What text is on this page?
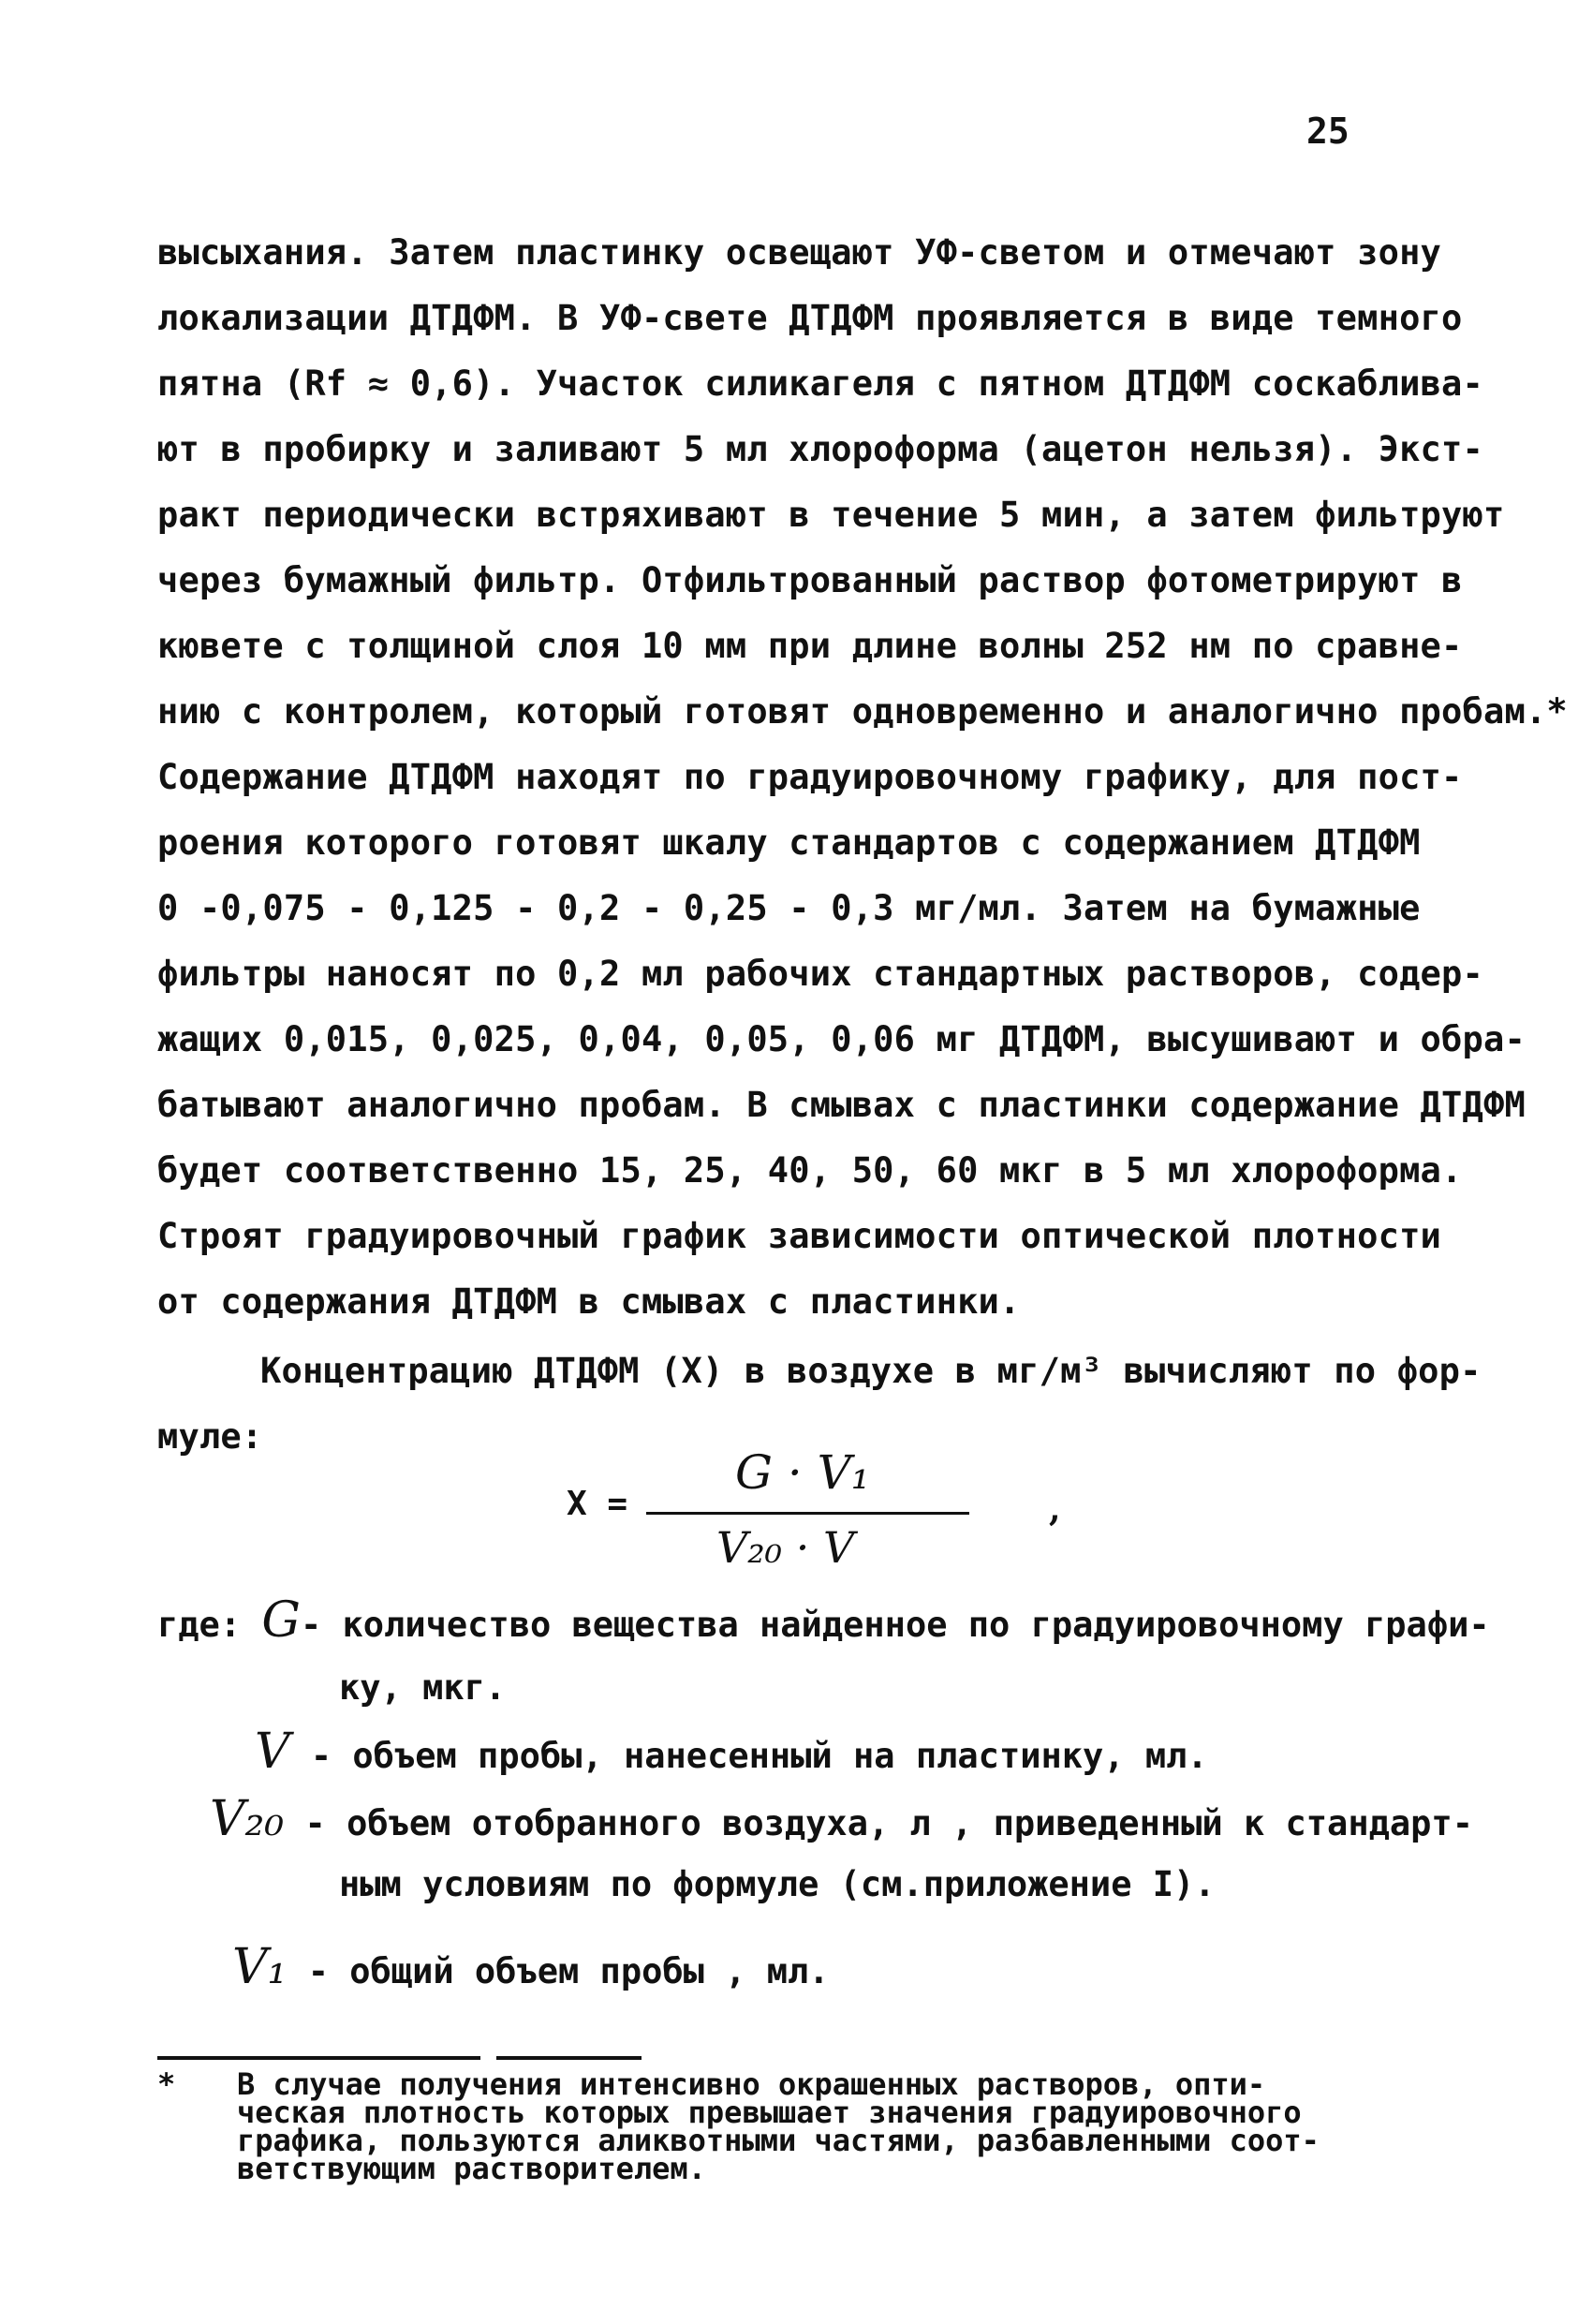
25
высыхания. Затем пластинку освещают УФ-светом и отмечают зону
локализации ДТДФМ. В УФ-свете ДТДФМ проявляется в виде темного
пятна (Rf ≈ 0,6). Участок силикагеля с пятном ДТДФМ соскабливa-
ют в пробирку и заливают 5 мл хлороформа (ацетон нельзя). Экст-
ракт периодически встряхивают в течение 5 мин, а затем фильтруют
через бумажный фильтр. Отфильтрованный раствор фотометрируют в
кювете с толщиной слоя 10 мм при длине волны 252 нм по сравне-
нию с контролем, который готовят одновременно и аналогично пробам.*
Содержание ДТДФМ находят по градуировочному графику, для пост-
роения которого готовят шкалу стандартов с содержанием ДТДФМ
0 -0,075 - 0,125 - 0,2 - 0,25 - 0,3 мг/мл. Затем на бумажные
фильтры наносят по 0,2 мл рабочих стандартных растворов, содер-
жащих 0,015, 0,025, 0,04, 0,05, 0,06 мг ДТДФМ, высушивают и обра-
батывают аналогично пробам. В смывах с пластинки содержание ДТДФМ
будет соответственно 15, 25, 40, 50, 60 мкг в 5 мл хлороформа.
Строят градуировочный график зависимости оптической плотности
от содержания ДТДФМ в смывах с пластинки.
Концентрацию ДТДФМ (X) в воздухе в мг/м³ вычисляют по фор-
муле:
X =
G · V₁
V₂₀ · V
,
где: G- количество вещества найденное по градуировочному графи-
ку, мкг.
V - объем пробы, нанесенный на пластинку, мл.
V₂₀ - объем отобранного воздуха, л , приведенный к стандарт-
ным условиям по формуле (см.приложение I).
V₁ - общий объем пробы , мл.
* В случае получения интенсивно окрашенных растворов, опти-
ческая плотность которых превышает значения градуировочного
графика, пользуются аликвотными частями, разбавленными соот-
ветствующим растворителем.
